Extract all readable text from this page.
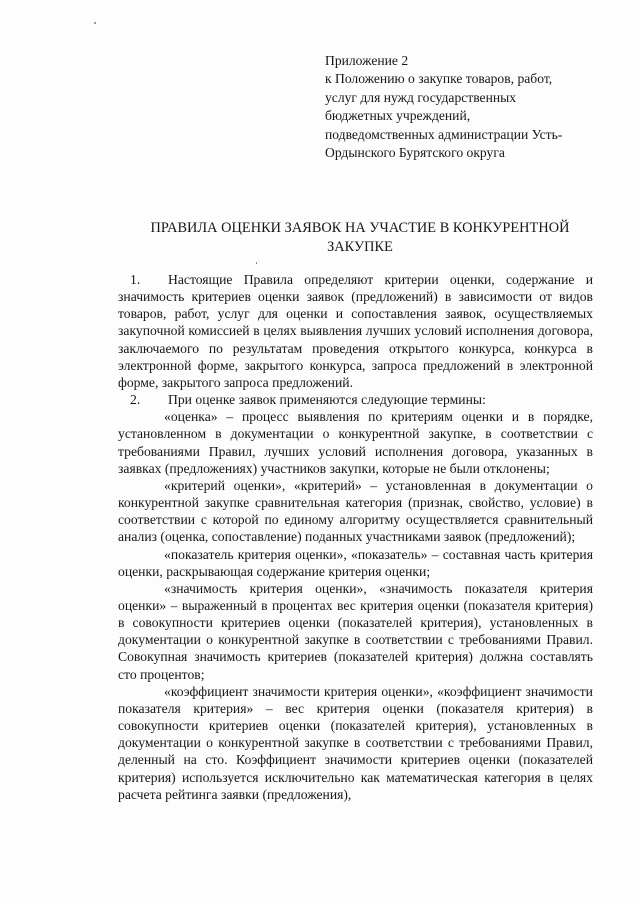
Приложение 2
к Положению о закупке товаров, работ,
услуг для нужд государственных
бюджетных учреждений,
подведомственных администрации Усть-
Ордынского Бурятского округа
ПРАВИЛА ОЦЕНКИ ЗАЯВОК НА УЧАСТИЕ В КОНКУРЕНТНОЙ
ЗАКУПКЕ

1. Настоящие Правила определяют критерии оценки, содержание и значимость критериев оценки заявок (предложений) в зависимости от видов товаров, работ, услуг для оценки и сопоставления заявок, осуществляемых закупочной комиссией в целях выявления лучших условий исполнения договора, заключаемого по результатам проведения открытого конкурса, конкурса в электронной форме, закрытого конкурса, запроса предложений в электронной форме, закрытого запроса предложений.

2. При оценке заявок применяются следующие термины:

«оценка» – процесс выявления по критериям оценки и в порядке, установленном в документации о конкурентной закупке, в соответствии с требованиями Правил, лучших условий исполнения договора, указанных в заявках (предложениях) участников закупки, которые не были отклонены;

«критерий оценки», «критерий» – установленная в документации о конкурентной закупке сравнительная категория (признак, свойство, условие) в соответствии с которой по единому алгоритму осуществляется сравнительный анализ (оценка, сопоставление) поданных участниками заявок (предложений);

«показатель критерия оценки», «показатель» – составная часть критерия оценки, раскрывающая содержание критерия оценки;

«значимость критерия оценки», «значимость показателя критерия оценки» – выраженный в процентах вес критерия оценки (показателя критерия) в совокупности критериев оценки (показателей критерия), установленных в документации о конкурентной закупке в соответствии с требованиями Правил. Совокупная значимость критериев (показателей критерия) должна составлять сто процентов;

«коэффициент значимости критерия оценки», «коэффициент значимости показателя критерия» – вес критерия оценки (показателя критерия) в совокупности критериев оценки (показателей критерия), установленных в документации о конкурентной закупке в соответствии с требованиями Правил, деленный на сто. Коэффициент значимости критериев оценки (показателей критерия) используется исключительно как математическая категория в целях расчета рейтинга заявки (предложения),
